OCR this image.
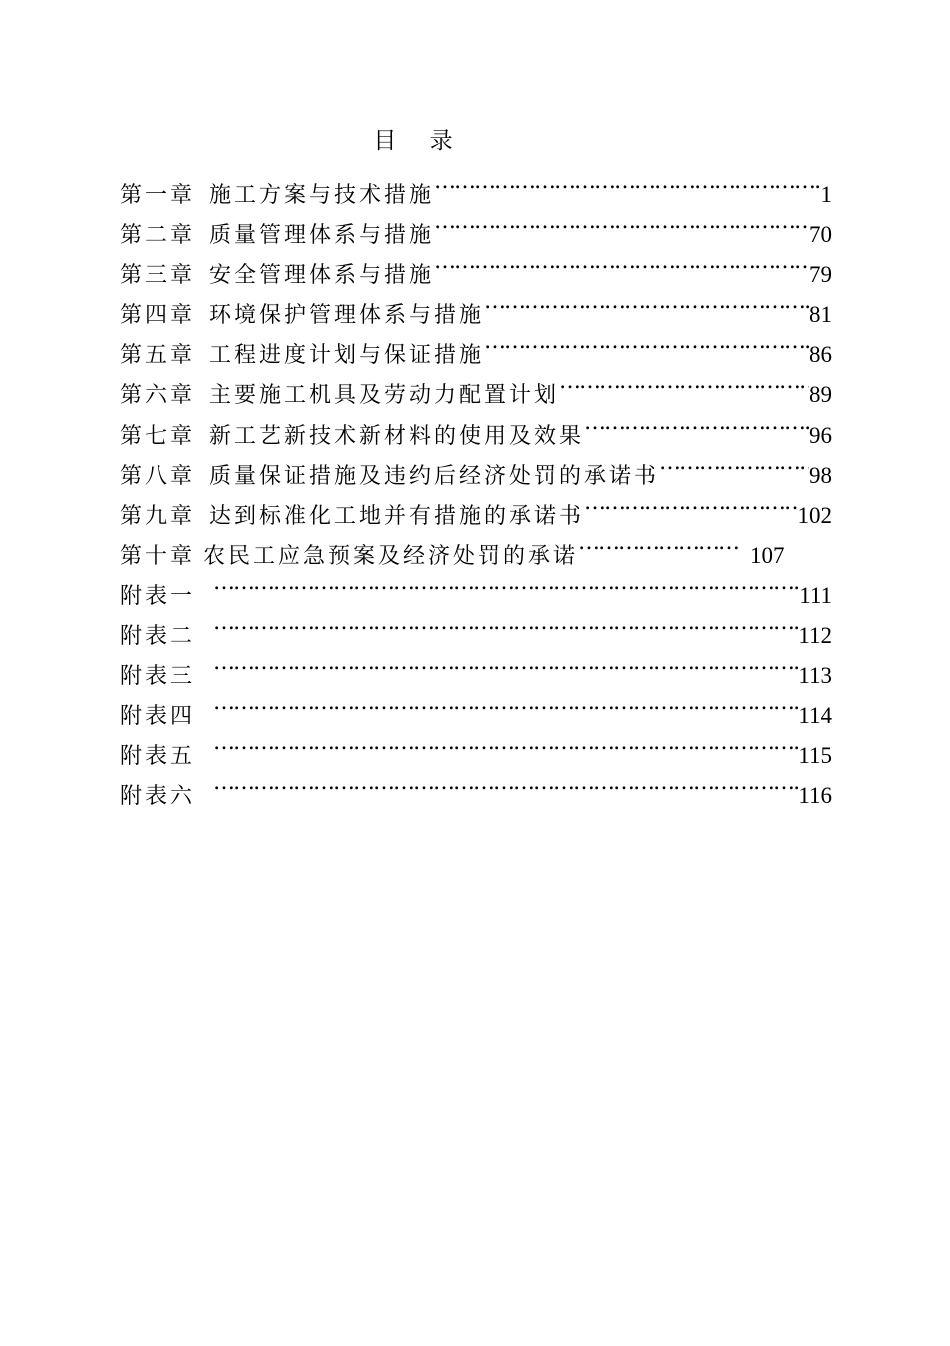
目 录
第一章 施工方案与技术措施 …………………………………………………………………………………………………………………………	1
第二章 质量管理体系与措施 …………………………………………………………………………………………………………………………	70
第三章 安全管理体系与措施 …………………………………………………………………………………………………………………………	79
第四章 环境保护管理体系与措施 …………………………………………………………………………………………………………………………	81
第五章 工程进度计划与保证措施 …………………………………………………………………………………………………………………………	86
第六章 主要施工机具及劳动力配置计划 …………………………………………………………………………………………………………………………	89
第七章 新工艺新技术新材料的使用及效果 …………………………………………………………………………………………………………………………	96
第八章 质量保证措施及违约后经济处罚的承诺书 …………………………………………………………………………………………………………………………	98
第九章 达到标准化工地并有措施的承诺书 …………………………………………………………………………………………………………………………	102
第十章 农民工应急预案及经济处罚的承诺 …………………………………………………………………………………………………………………………	107
附表一 …………………………………………………………………………………………………………………………	111
附表二 …………………………………………………………………………………………………………………………	112
附表三 …………………………………………………………………………………………………………………………	113
附表四 …………………………………………………………………………………………………………………………	114
附表五 …………………………………………………………………………………………………………………………	115
附表六 …………………………………………………………………………………………………………………………	116
